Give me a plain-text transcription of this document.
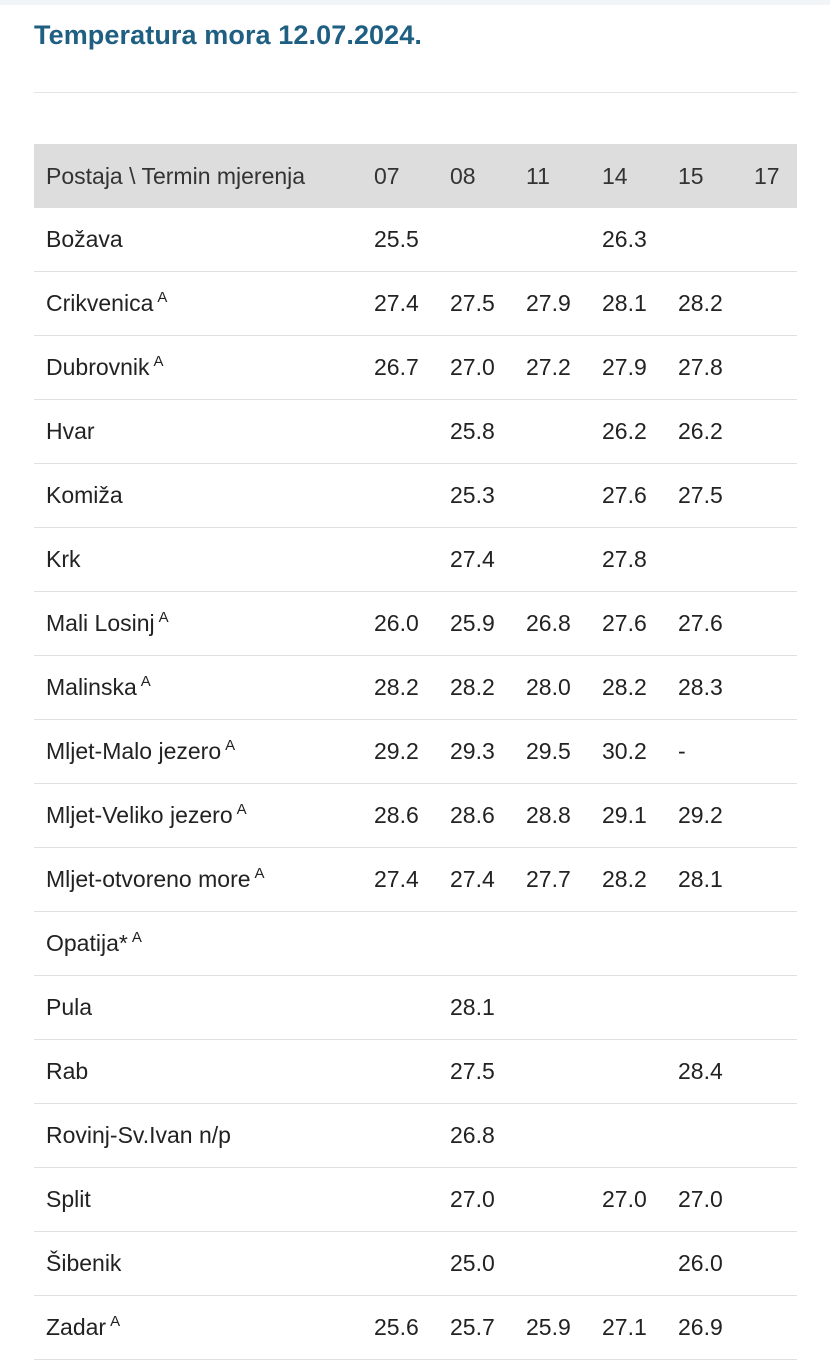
Temperatura mora 12.07.2024.
Postaja \ Termin mjerenja	07	08	11	14	15	17
Božava	25.5			26.3		
Crikvenica $^A$	27.4	27.5	27.9	28.1	28.2	
Dubrovnik $^A$	26.7	27.0	27.2	27.9	27.8	
Hvar		25.8		26.2	26.2	
Komiža		25.3		27.6	27.5	
Krk		27.4		27.8		
Mali Losinj $^A$	26.0	25.9	26.8	27.6	27.6	
Malinska $^A$	28.2	28.2	28.0	28.2	28.3	
Mljet-Malo jezero $^A$	29.2	29.3	29.5	30.2	-	
Mljet-Veliko jezero $^A$	28.6	28.6	28.8	29.1	29.2	
Mljet-otvoreno more $^A$	27.4	27.4	27.7	28.2	28.1	
Opatija* $^A$						
Pula		28.1				
Rab		27.5			28.4	
Rovinj-Sv.Ivan n/p		26.8				
Split		27.0		27.0	27.0	
Šibenik		25.0			26.0	
Zadar $^A$	25.6	25.7	25.9	27.1	26.9	
